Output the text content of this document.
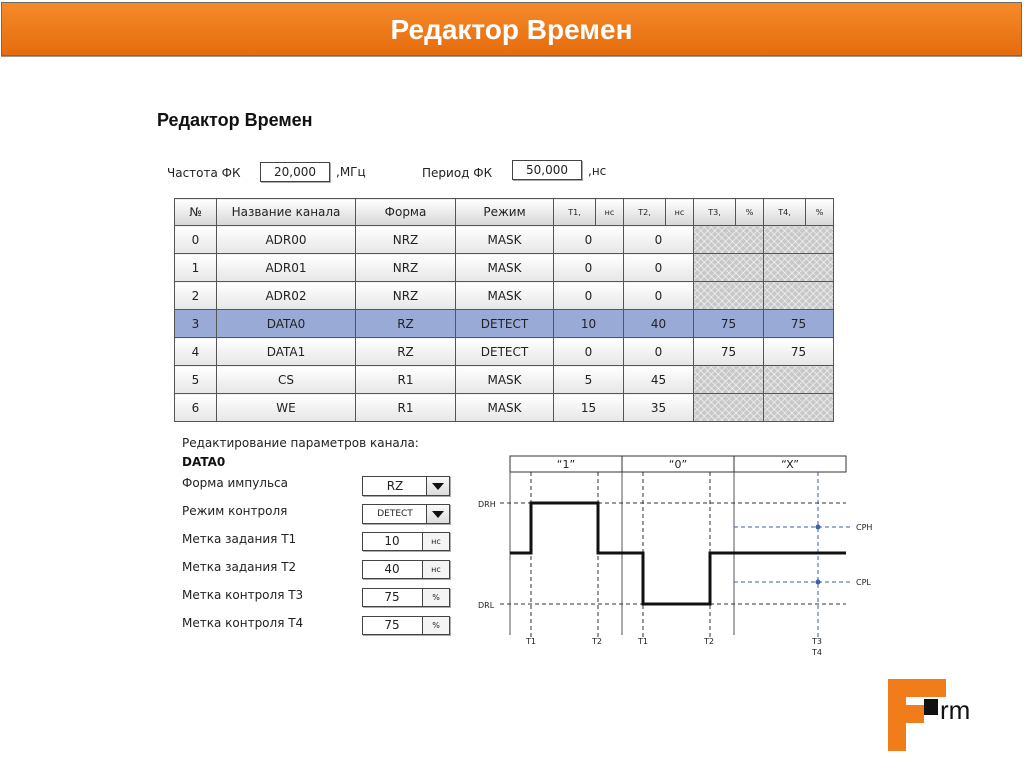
Редактор Времен
Редактор Времен
Частота ФК	20,000	,МГц	Период ФК	50,000	,нс
№	Название канала	Форма	Режим	T1,	нс	T2,	нс	T3,	%	T4,	%
0	ADR00	NRZ	MASK	0		0					
1	ADR01	NRZ	MASK	0		0					
2	ADR02	NRZ	MASK	0		0					
3	DATA0	RZ	DETECT	10		40		75		75	
4	DATA1	RZ	DETECT	0		0		75		75	
5	CS	R1	MASK	5		45					
6	WE	R1	MASK	15		35					
Редактирование параметров канала:
DATA0
Форма импульса	RZ
Режим контроля	DETECT
Метка задания T1	10	нс
Метка задания T2	40	нс
Метка контроля T3	75	%
Метка контроля T4	75	%
“1”	“0”	“X”
DRH
DRL
CPH
CPL
T1	T2	T1	T2	T3
T4
rm
